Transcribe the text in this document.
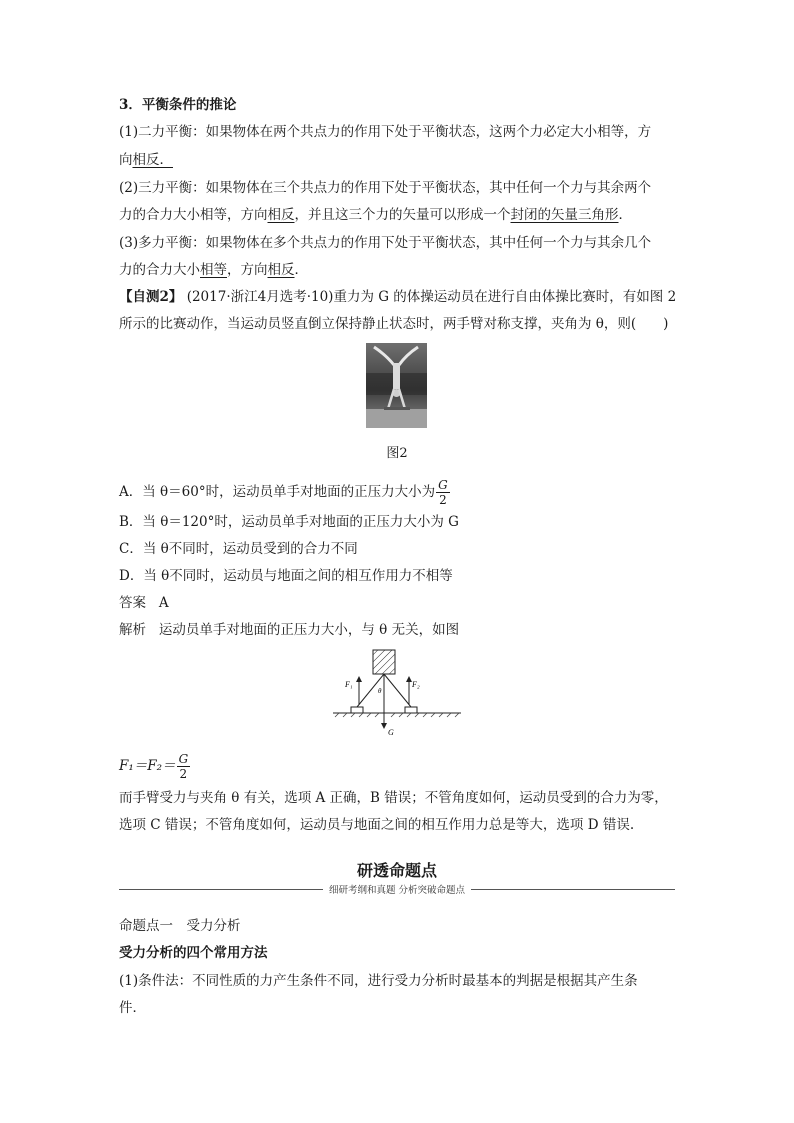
3．平衡条件的推论
(1)二力平衡：如果物体在两个共点力的作用下处于平衡状态，这两个力必定大小相等，方
向相反．
(2)三力平衡：如果物体在三个共点力的作用下处于平衡状态，其中任何一个力与其余两个
力的合力大小相等，方向相反，并且这三个力的矢量可以形成一个封闭的矢量三角形．
(3)多力平衡：如果物体在多个共点力的作用下处于平衡状态，其中任何一个力与其余几个
力的合力大小相等，方向相反．
【自测2】 (2017·浙江4月选考·10)重力为 G 的体操运动员在进行自由体操比赛时，有如图 2
所示的比赛动作，当运动员竖直倒立保持静止状态时，两手臂对称支撑，夹角为 θ，则(　　)
图2
A．当 θ＝60°时，运动员单手对地面的正压力大小为 $\frac{G}{2}$
B．当 θ＝120°时，运动员单手对地面的正压力大小为 G
C．当 θ不同时，运动员受到的合力不同
D．当 θ不同时，运动员与地面之间的相互作用力不相等
答案 A
解析 运动员单手对地面的正压力大小，与 θ 无关，如图
F₁	F₂
θ
G
$F_1=F_2= \frac{G}{2}$
而手臂受力与夹角 θ 有关，选项 A 正确，B 错误；不管角度如何，运动员受到的合力为零，
选项 C 错误；不管角度如何，运动员与地面之间的相互作用力总是等大，选项 D 错误.
研透命题点
细研考纲和真题 分析突破命题点
命题点一　受力分析
受力分析的四个常用方法
(1)条件法：不同性质的力产生条件不同，进行受力分析时最基本的判据是根据其产生条
件．
